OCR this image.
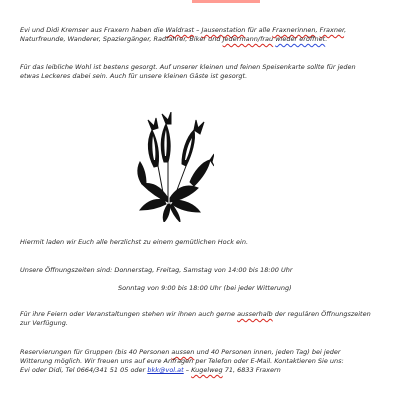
Evi und Didi Kremser aus Fraxern haben die Waldrast – Jausenstation für alle Fraxnerinnen, Fraxner,
Naturfreunde, Wanderer, Spaziergänger, Radfahrer, Biker und Jedermann/frau wieder eröffnet.

Für das leibliche Wohl ist bestens gesorgt. Auf unserer kleinen und feinen Speisenkarte sollte für jeden
etwas Leckeres dabei sein. Auch für unsere kleinen Gäste ist gesorgt.

Hiermit laden wir Euch alle herzlichst zu einem gemütlichen Hock ein.

Unsere Öffnungszeiten sind: Donnerstag, Freitag, Samstag von 14:00 bis 18:00 Uhr

Sonntag von 9:00 bis 18:00 Uhr (bei jeder Witterung)

Für ihre Feiern oder Veranstaltungen stehen wir ihnen auch gerne ausserhalb der regulären Öffnungszeiten
zur Verfügung.

Reservierungen für Gruppen (bis 40 Personen aussen und 40 Personen innen, jeden Tag) bei jeder
Witterung möglich. Wir freuen uns auf eure Anfragen per Telefon oder E-Mail. Kontaktieren Sie uns:
Evi oder Didi, Tel 0664/341 51 05 oder bkk@vol.at – Kugelweg 71, 6833 Fraxern
